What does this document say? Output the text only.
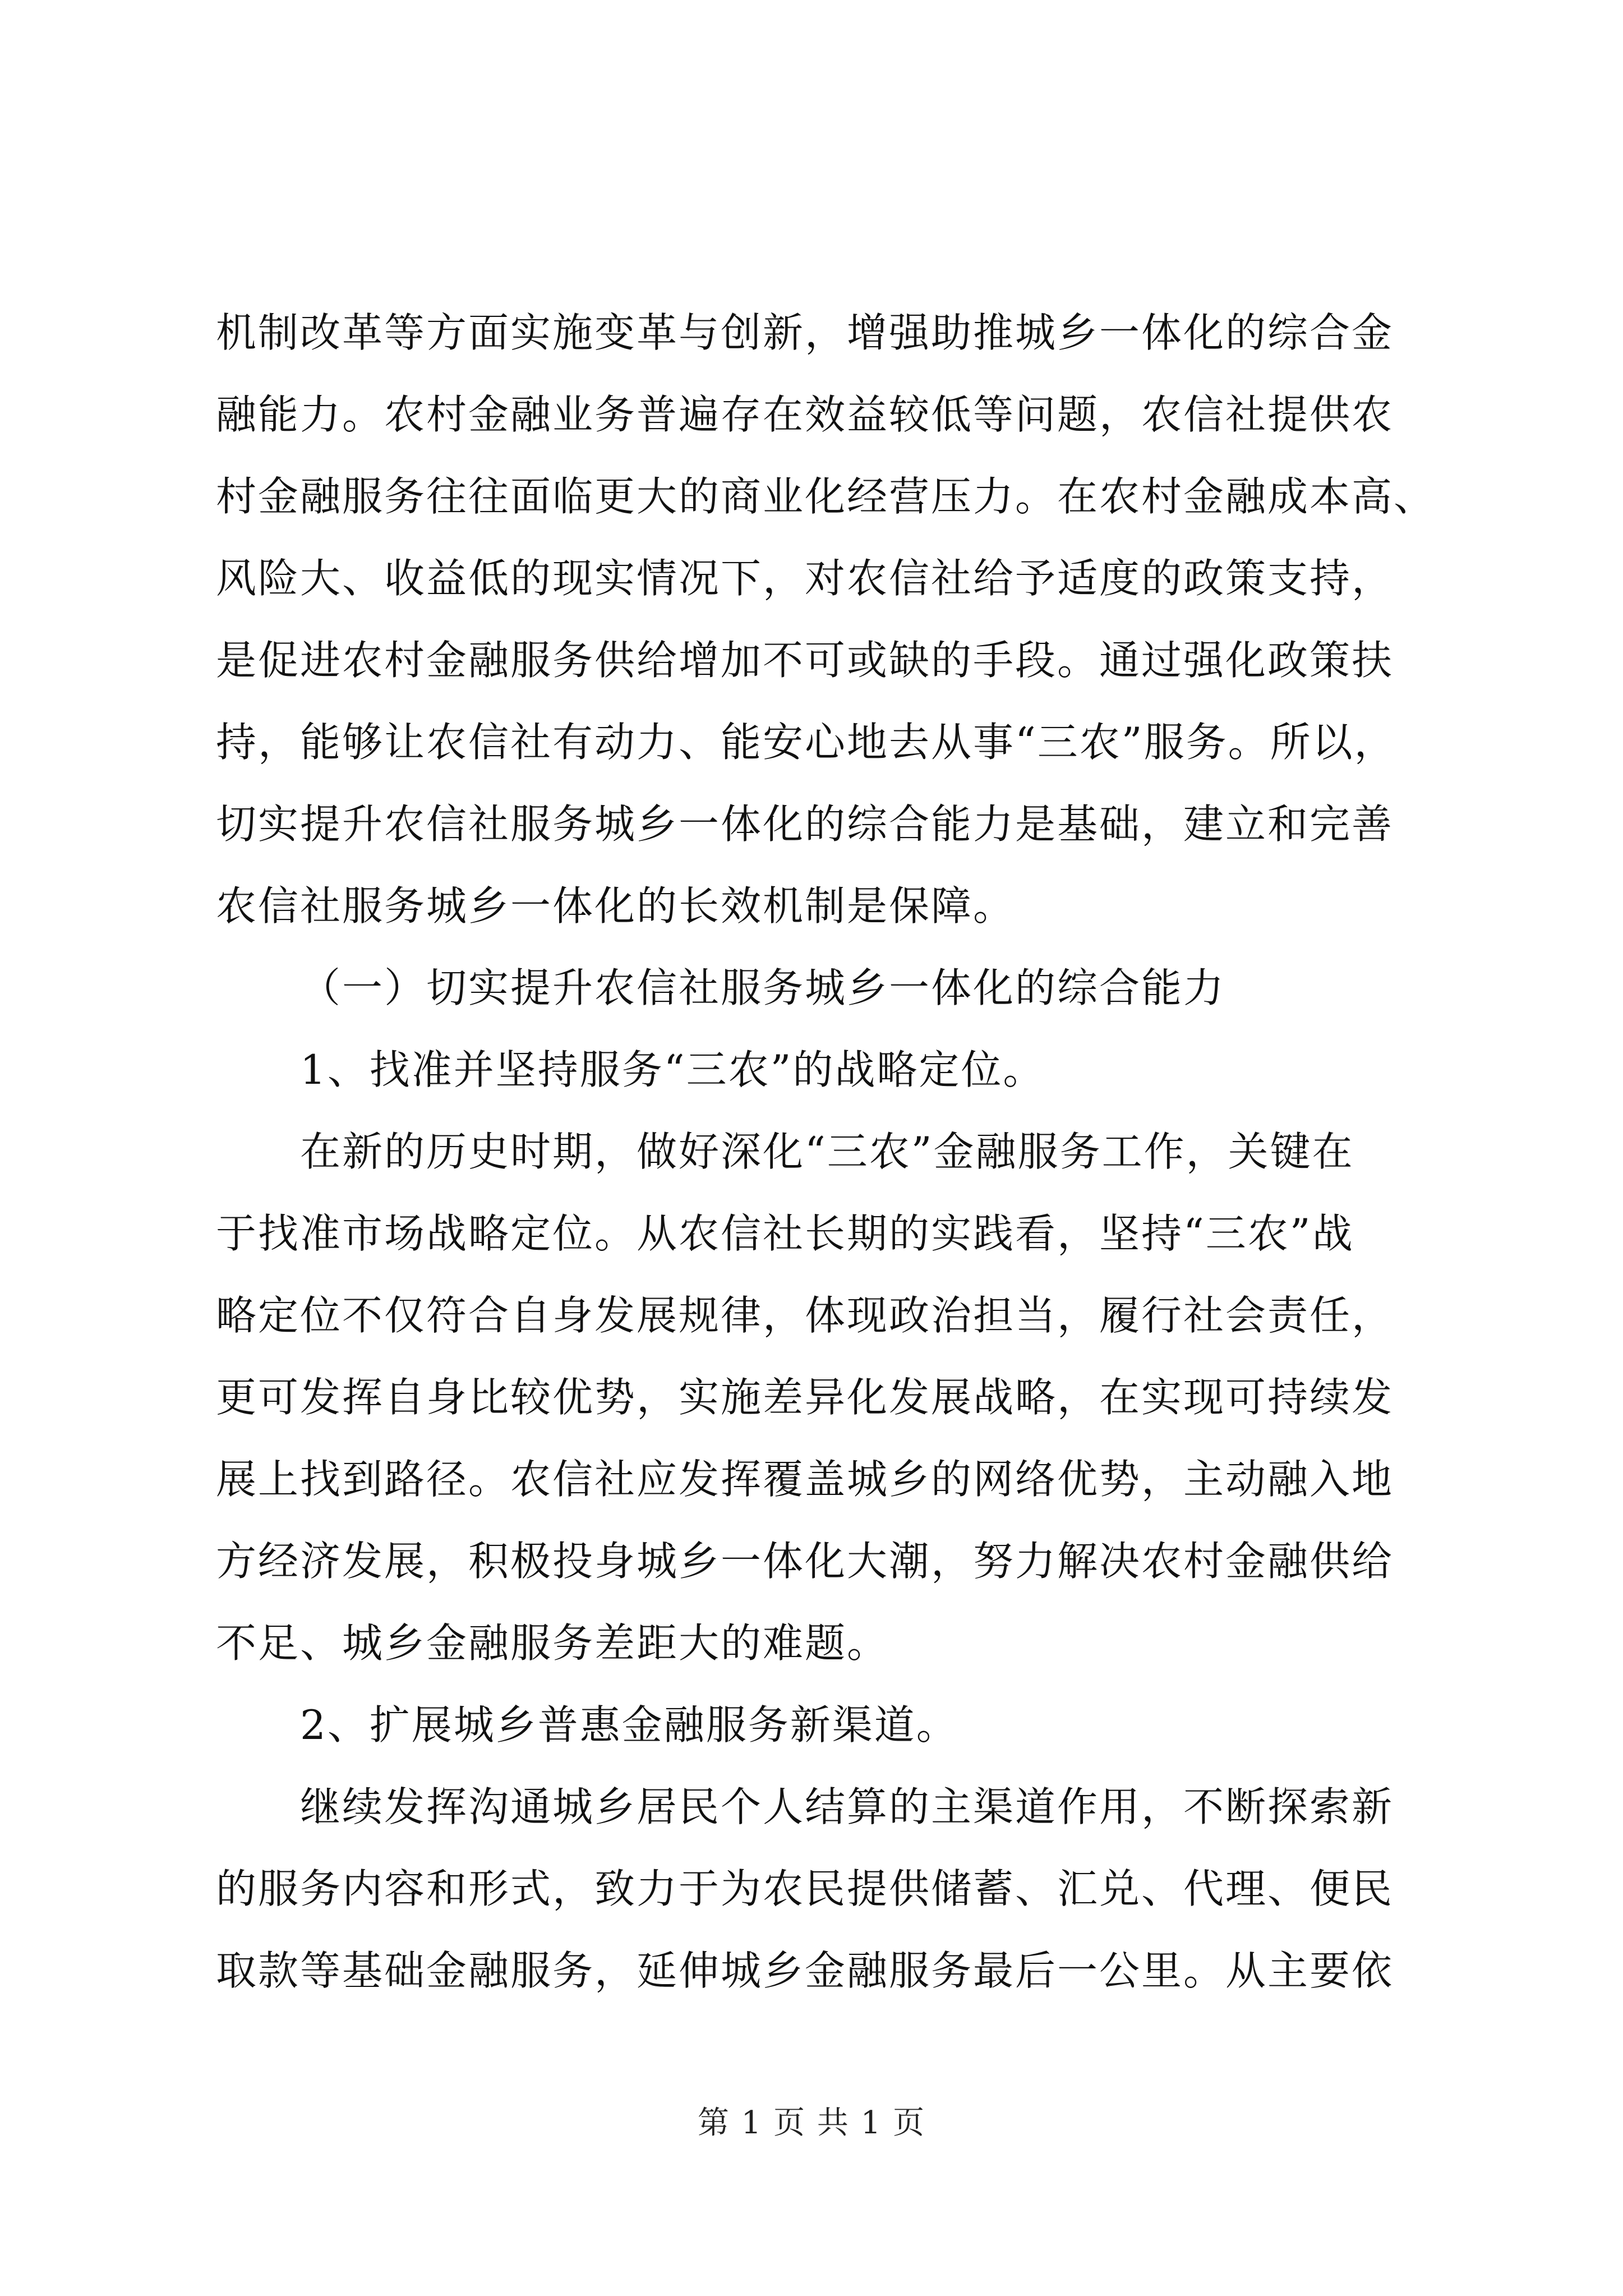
机制改革等方面实施变革与创新，增强助推城乡一体化的综合金
融能力。农村金融业务普遍存在效益较低等问题，农信社提供农
村金融服务往往面临更大的商业化经营压力。在农村金融成本高、
风险大、收益低的现实情况下，对农信社给予适度的政策支持，
是促进农村金融服务供给增加不可或缺的手段。通过强化政策扶
持，能够让农信社有动力、能安心地去从事“三农”服务。所以，
切实提升农信社服务城乡一体化的综合能力是基础，建立和完善
农信社服务城乡一体化的长效机制是保障。
（一）切实提升农信社服务城乡一体化的综合能力
1、找准并坚持服务“三农”的战略定位。
在新的历史时期，做好深化“三农”金融服务工作，关键在
于找准市场战略定位。从农信社长期的实践看，坚持“三农”战
略定位不仅符合自身发展规律，体现政治担当，履行社会责任，
更可发挥自身比较优势，实施差异化发展战略，在实现可持续发
展上找到路径。农信社应发挥覆盖城乡的网络优势，主动融入地
方经济发展，积极投身城乡一体化大潮，努力解决农村金融供给
不足、城乡金融服务差距大的难题。
2、扩展城乡普惠金融服务新渠道。
继续发挥沟通城乡居民个人结算的主渠道作用，不断探索新
的服务内容和形式，致力于为农民提供储蓄、汇兑、代理、便民
取款等基础金融服务，延伸城乡金融服务最后一公里。从主要依
第 1 页 共 1 页
